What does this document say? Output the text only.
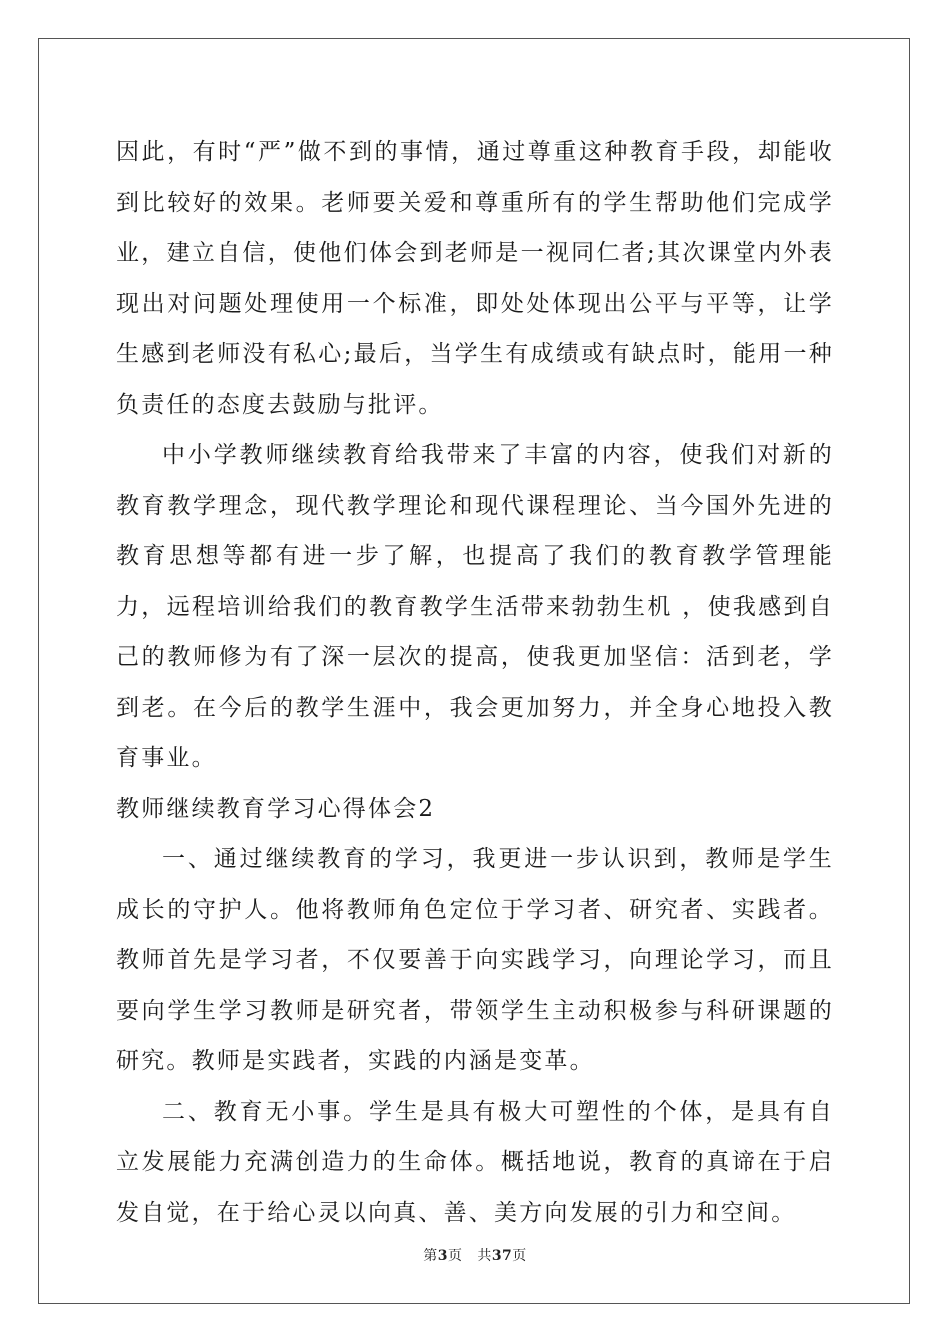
因此，有时“严”做不到的事情，通过尊重这种教育手段，却能收到比较好的效果。老师要关爱和尊重所有的学生帮助他们完成学业，建立自信，使他们体会到老师是一视同仁者;其次课堂内外表现出对问题处理使用一个标准，即处处体现出公平与平等，让学生感到老师没有私心;最后，当学生有成绩或有缺点时，能用一种负责任的态度去鼓励与批评。

中小学教师继续教育给我带来了丰富的内容，使我们对新的教育教学理念，现代教学理论和现代课程理论、当今国外先进的教育思想等都有进一步了解，也提高了我们的教育教学管理能力，远程培训给我们的教育教学生活带来勃勃生机 ，使我感到自己的教师修为有了深一层次的提高，使我更加坚信：活到老，学到老。在今后的教学生涯中，我会更加努力，并全身心地投入教育事业。

教师继续教育学习心得体会2

一、通过继续教育的学习，我更进一步认识到，教师是学生成长的守护人。他将教师角色定位于学习者、研究者、实践者。教师首先是学习者，不仅要善于向实践学习，向理论学习，而且要向学生学习教师是研究者，带领学生主动积极参与科研课题的研究。教师是实践者，实践的内涵是变革。

二、教育无小事。学生是具有极大可塑性的个体，是具有自立发展能力充满创造力的生命体。概括地说，教育的真谛在于启发自觉，在于给心灵以向真、善、美方向发展的引力和空间。

第3页 共37页
